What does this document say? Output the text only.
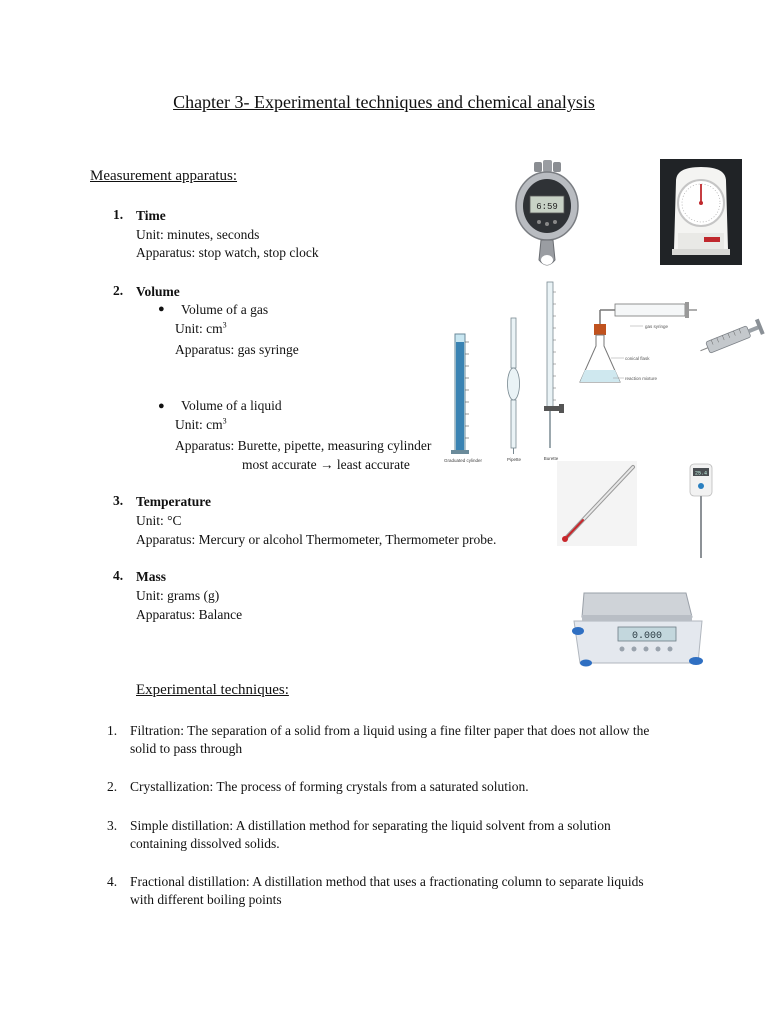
Chapter 3- Experimental techniques and chemical analysis
Measurement apparatus:
1. Time
Unit: minutes, seconds
Apparatus: stop watch, stop clock
2. Volume
● Volume of a gas
Unit: $cm^3$
Apparatus: gas syringe
● Volume of a liquid
Unit: $cm^3$
Apparatus: Burette, pipette, measuring cylinder
most accurate → least accurate
3. Temperature
Unit: °C
Apparatus: Mercury or alcohol Thermometer, Thermometer probe.
4. Mass
Unit: grams (g)
Apparatus: Balance
Experimental techniques:
1. Filtration: The separation of a solid from a liquid using a fine filter paper that does not allow the solid to pass through
2. Crystallization: The process of forming crystals from a saturated solution.
3. Simple distillation: A distillation method for separating the liquid solvent from a solution containing dissolved solids.
4. Fractional distillation: A distillation method that uses a fractionating column to separate liquids with different boiling points
6:59
Graduated cylinder	Pipette	Burette
gas syringe
conical flask
reaction mixture
25.4
0.000
